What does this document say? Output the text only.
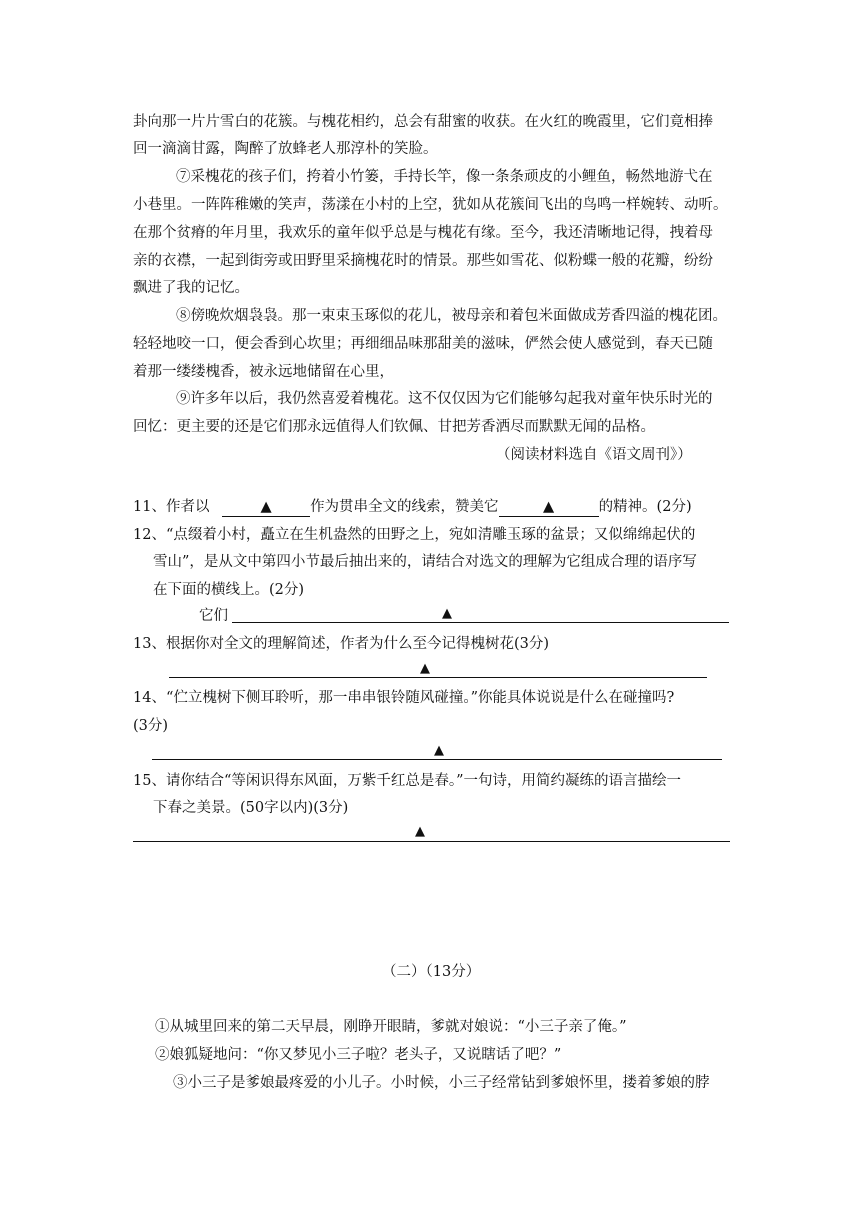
卦向那一片片雪白的花簇。与槐花相约，总会有甜蜜的收获。在火红的晚霞里，它们竟相捧
回一滴滴甘露，陶醉了放蜂老人那淳朴的笑脸。
⑦采槐花的孩子们，挎着小竹篓，手持长竿，像一条条顽皮的小鲤鱼，畅然地游弋在
小巷里。一阵阵稚嫩的笑声，荡漾在小村的上空，犹如从花簇间飞出的鸟鸣一样婉转、动听。
在那个贫瘠的年月里，我欢乐的童年似乎总是与槐花有缘。至今，我还清晰地记得，拽着母
亲的衣襟，一起到街旁或田野里采摘槐花时的情景。那些如雪花、似粉蝶一般的花瓣，纷纷
飘进了我的记忆。
⑧傍晚炊烟袅袅。那一束束玉琢似的花儿，被母亲和着包米面做成芳香四溢的槐花团。
轻轻地咬一口，便会香到心坎里；再细细品味那甜美的滋味，俨然会使人感觉到，春天已随
着那一缕缕槐香，被永远地储留在心里，
⑨许多年以后，我仍然喜爱着槐花。这不仅仅因为它们能够勾起我对童年快乐时光的
回忆：更主要的还是它们那永远值得人们钦佩、甘把芳香洒尽而默默无闻的品格。
（阅读材料选自《语文周刊》）
11、作者以	▲	作为贯串全文的线索，赞美它	▲	的精神。(2分)
12、“点缀着小村，矗立在生机盎然的田野之上，宛如清雕玉琢的盆景；又似绵绵起伏的
雪山”，是从文中第四小节最后抽出来的，请结合对选文的理解为它组成合理的语序写
在下面的横线上。(2分)
它们	▲
13、根据你对全文的理解简述，作者为什么至今记得槐树花(3分)
▲
14、“伫立槐树下侧耳聆听，那一串串银铃随风碰撞。”你能具体说说是什么在碰撞吗?
(3分)
▲
15、请你结合“等闲识得东风面，万紫千红总是春。”一句诗，用简约凝练的语言描绘一
下春之美景。(50字以内)(3分)
▲
（二）（13分）
①从城里回来的第二天早晨，刚睁开眼睛，爹就对娘说：“小三子亲了俺。”
②娘狐疑地问：“你又梦见小三子啦？老头子，又说瞎话了吧？”
③小三子是爹娘最疼爱的小儿子。小时候，小三子经常钻到爹娘怀里，搂着爹娘的脖
